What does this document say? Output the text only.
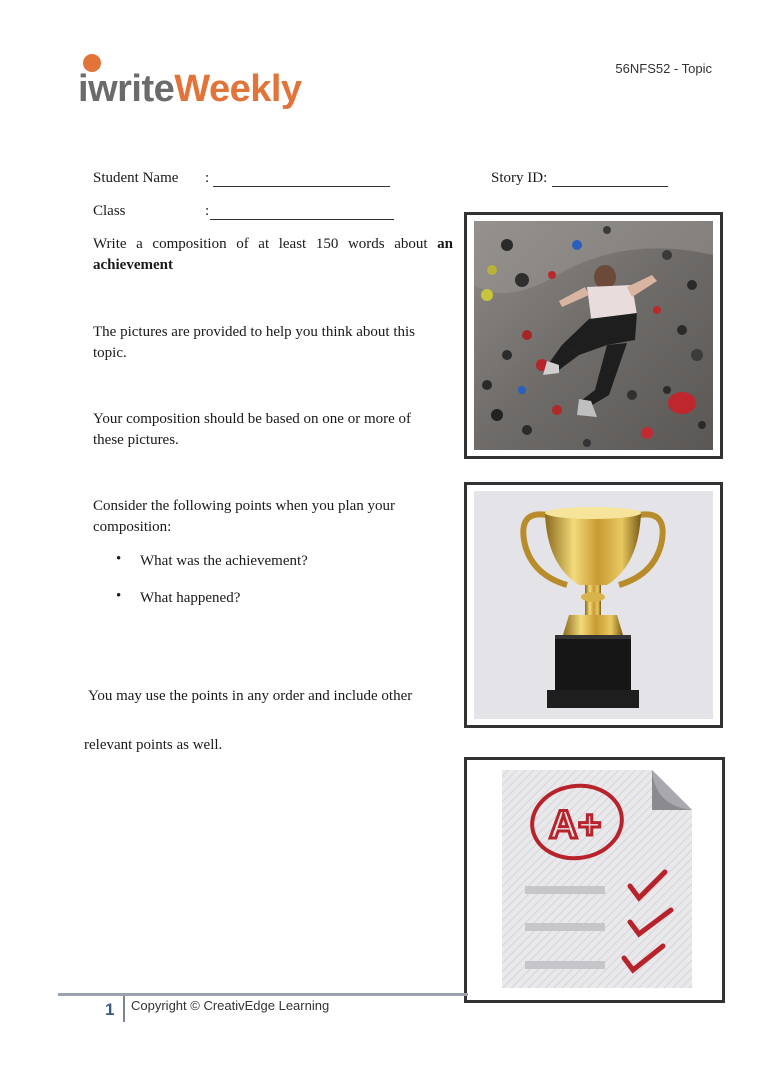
iwriteWeekly	56NFS52 - Topic
Student Name :	Story ID:
Class	:
Write a composition of at least 150 words about an
achievement
The pictures are provided to help you think about this topic.
Your composition should be based on one or more of these pictures.
Consider the following points when you plan your composition:
• What was the achievement?
• What happened?
You may use the points in any order and include other
relevant points as well.
A+
1 Copyright © CreativEdge Learning
